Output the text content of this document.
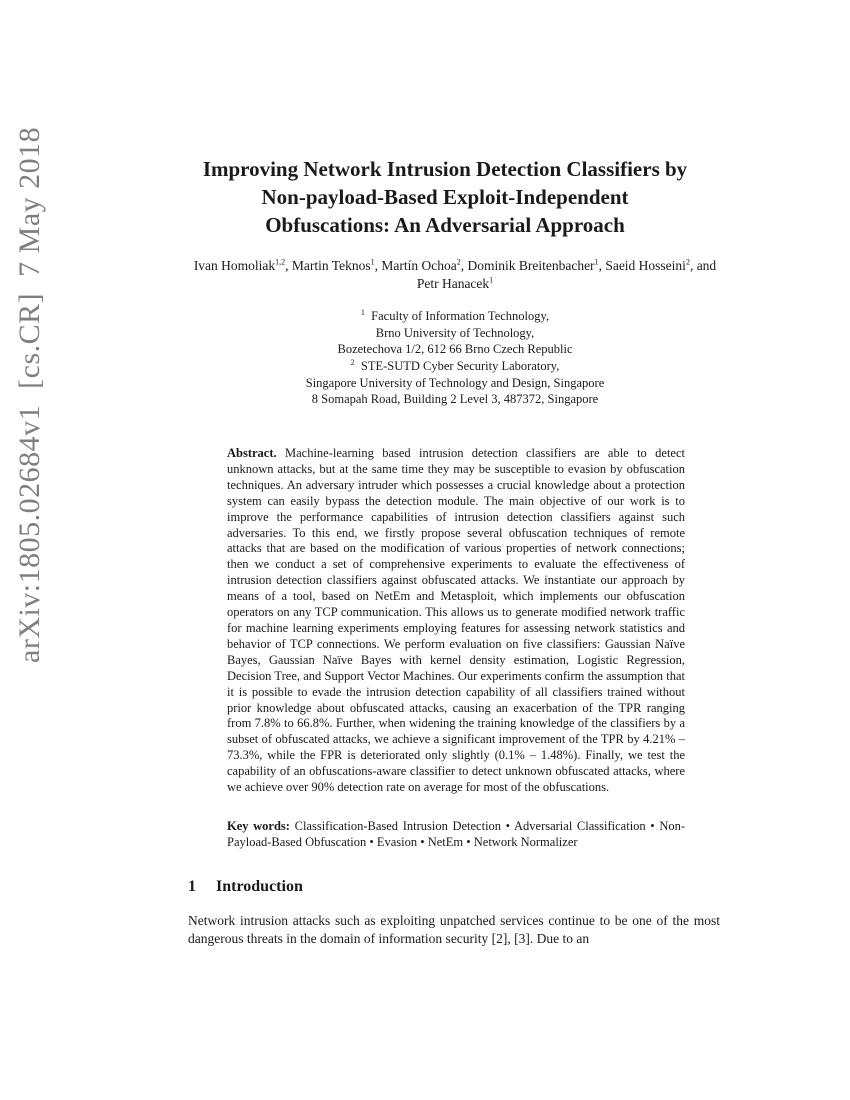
arXiv:1805.02684v1[cs.CR]7 May 2018	Improving Network Intrusion Detection Classifiers by
Non-payload-Based Exploit-Independent
Obfuscations: An Adversarial Approach
Ivan Homoliak$^{1,2}$, Martin Teknos$^1$, Martín Ochoa$^2$, Dominik Breitenbacher$^1$, Saeid Hosseini$^2$, and Petr Hanacek$^1$
$^1$ Faculty of Information Technology,
Brno University of Technology,
Bozetechova 1/2, 612 66 Brno Czech Republic
$^2$ STE-SUTD Cyber Security Laboratory,
Singapore University of Technology and Design, Singapore
8 Somapah Road, Building 2 Level 3, 487372, Singapore
Abstract. Machine-learning based intrusion detection classifiers are able to detect unknown attacks, but at the same time they may be susceptible to evasion by obfuscation techniques. An adversary intruder which possesses a crucial knowledge about a protection system can easily bypass the detection module. The main objective of our work is to improve the performance capabilities of intrusion detection classifiers against such adversaries. To this end, we firstly propose several obfuscation techniques of remote attacks that are based on the modification of various properties of network connections; then we conduct a set of comprehensive experiments to evaluate the effectiveness of intrusion detection classifiers against obfuscated attacks. We instantiate our approach by means of a tool, based on NetEm and Metasploit, which implements our obfuscation operators on any TCP communication. This allows us to generate modified network traffic for machine learning experiments employing features for assessing network statistics and behavior of TCP connections. We perform evaluation on five classifiers: Gaussian Naïve Bayes, Gaussian Naïve Bayes with kernel density estimation, Logistic Regression, Decision Tree, and Support Vector Machines. Our experiments confirm the assumption that it is possible to evade the intrusion detection capability of all classifiers trained without prior knowledge about obfuscated attacks, causing an exacerbation of the TPR ranging from 7.8% to 66.8%. Further, when widening the training knowledge of the classifiers by a subset of obfuscated attacks, we achieve a significant improvement of the TPR by 4.21% – 73.3%, while the FPR is deteriorated only slightly (0.1% – 1.48%). Finally, we test the capability of an obfuscations-aware classifier to detect unknown obfuscated attacks, where we achieve over 90% detection rate on average for most of the obfuscations.
Key words: Classification-Based Intrusion Detection • Adversarial Classification • Non-Payload-Based Obfuscation • Evasion • NetEm • Network Normalizer
1 Introduction
Network intrusion attacks such as exploiting unpatched services continue to be one of the most dangerous threats in the domain of information security [2], [3]. Due to an
